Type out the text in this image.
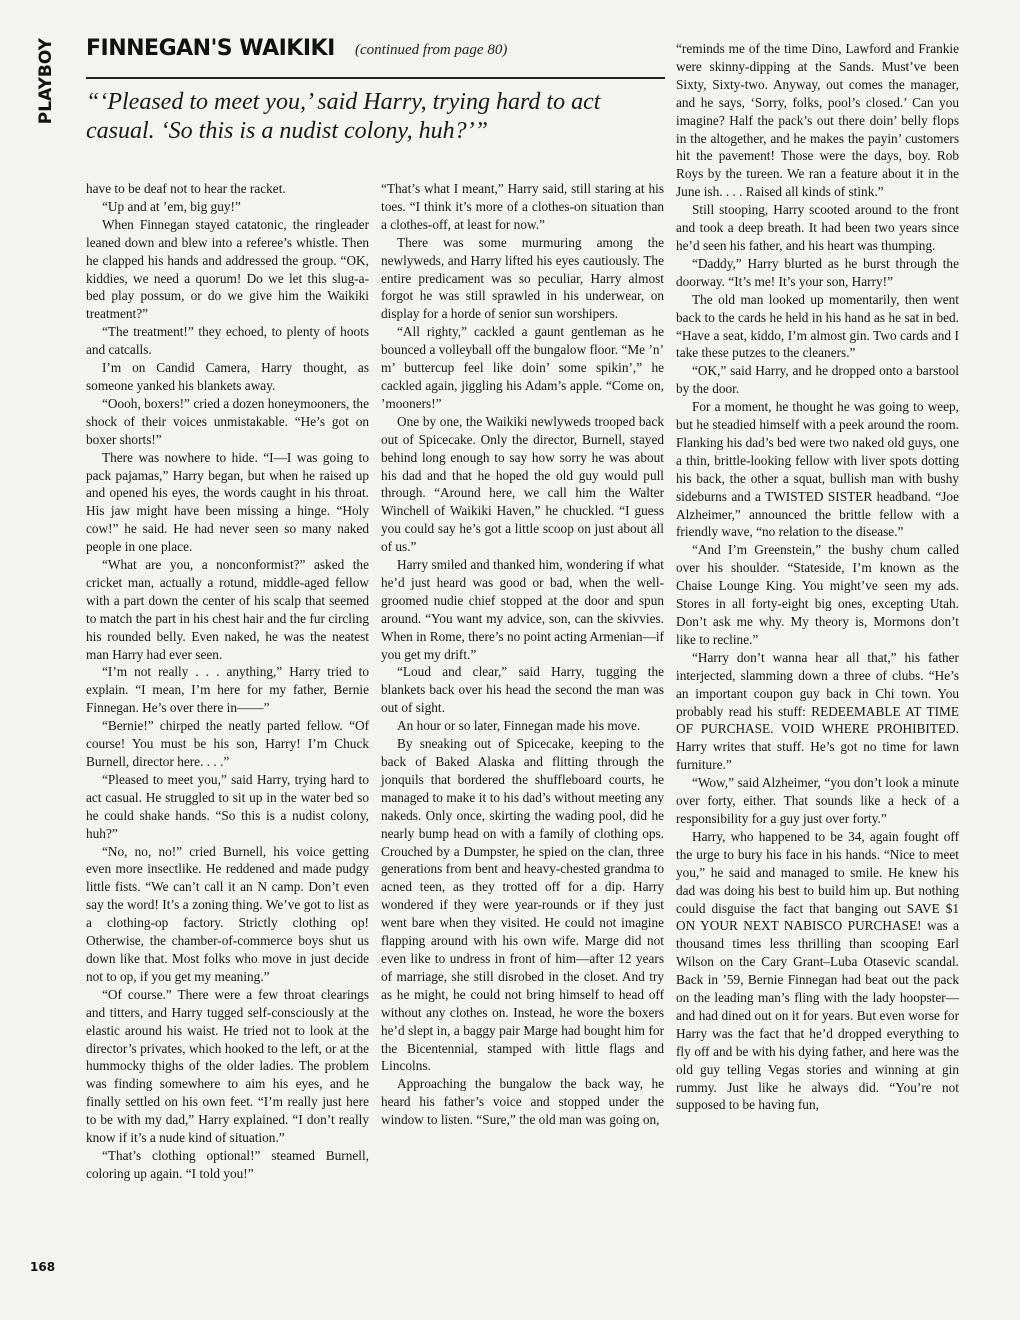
PLAYBOY FINNEGAN'S WAIKIKI (continued from page 80)
“‘Pleased to meet you,’ said Harry, trying hard to act casual. ‘So this is a nudist colony, huh?’”

have to be deaf not to hear the racket.

“Up and at ’em, big guy!”

When Finnegan stayed catatonic, the ringleader leaned down and blew into a referee’s whistle. Then he clapped his hands and addressed the group. “OK, kiddies, we need a quorum! Do we let this slug-a-bed play possum, or do we give him the Waikiki treatment?”

“The treatment!” they echoed, to plenty of hoots and catcalls.

I’m on Candid Camera, Harry thought, as someone yanked his blankets away.

“Oooh, boxers!” cried a dozen honeymooners, the shock of their voices unmistakable. “He’s got on boxer shorts!”

There was nowhere to hide. “I—I was going to pack pajamas,” Harry began, but when he raised up and opened his eyes, the words caught in his throat. His jaw might have been missing a hinge. “Holy cow!” he said. He had never seen so many naked people in one place.

“What are you, a nonconformist?” asked the cricket man, actually a rotund, middle-aged fellow with a part down the center of his scalp that seemed to match the part in his chest hair and the fur circling his rounded belly. Even naked, he was the neatest man Harry had ever seen.

“I’m not really . . . anything,” Harry tried to explain. “I mean, I’m here for my father, Bernie Finnegan. He’s over there in——”

“Bernie!” chirped the neatly parted fellow. “Of course! You must be his son, Harry! I’m Chuck Burnell, director here. . . .”

“Pleased to meet you,” said Harry, trying hard to act casual. He struggled to sit up in the water bed so he could shake hands. “So this is a nudist colony, huh?”

“No, no, no!” cried Burnell, his voice getting even more insectlike. He reddened and made pudgy little fists. “We can’t call it an N camp. Don’t even say the word! It’s a zoning thing. We’ve got to list as a clothing-op factory. Strictly clothing op! Otherwise, the chamber-of-commerce boys shut us down like that. Most folks who move in just decide not to op, if you get my meaning.”

“Of course.” There were a few throat clearings and titters, and Harry tugged self-consciously at the elastic around his waist. He tried not to look at the director’s privates, which hooked to the left, or at the hummocky thighs of the older ladies. The problem was finding somewhere to aim his eyes, and he finally settled on his own feet. “I’m really just here to be with my dad,” Harry explained. “I don’t really know if it’s a nude kind of situation.”

“That’s clothing optional!” steamed Burnell, coloring up again. “I told you!”

“That’s what I meant,” Harry said, still staring at his toes. “I think it’s more of a clothes-on situation than a clothes-off, at least for now.”

There was some murmuring among the newlyweds, and Harry lifted his eyes cautiously. The entire predicament was so peculiar, Harry almost forgot he was still sprawled in his underwear, on display for a horde of senior sun worshipers.

“All righty,” cackled a gaunt gentleman as he bounced a volleyball off the bungalow floor. “Me ’n’ m’ buttercup feel like doin’ some spikin’,” he cackled again, jiggling his Adam’s apple. “Come on, ’mooners!”

One by one, the Waikiki newlyweds trooped back out of Spicecake. Only the director, Burnell, stayed behind long enough to say how sorry he was about his dad and that he hoped the old guy would pull through. “Around here, we call him the Walter Winchell of Waikiki Haven,” he chuckled. “I guess you could say he’s got a little scoop on just about all of us.”

Harry smiled and thanked him, wondering if what he’d just heard was good or bad, when the well-groomed nudie chief stopped at the door and spun around. “You want my advice, son, can the skivvies. When in Rome, there’s no point acting Armenian—if you get my drift.”

“Loud and clear,” said Harry, tugging the blankets back over his head the second the man was out of sight.

An hour or so later, Finnegan made his move.

By sneaking out of Spicecake, keeping to the back of Baked Alaska and flitting through the jonquils that bordered the shuffleboard courts, he managed to make it to his dad’s without meeting any nakeds. Only once, skirting the wading pool, did he nearly bump head on with a family of clothing ops. Crouched by a Dumpster, he spied on the clan, three generations from bent and heavy-chested grandma to acned teen, as they trotted off for a dip. Harry wondered if they were year-rounds or if they just went bare when they visited. He could not imagine flapping around with his own wife. Marge did not even like to undress in front of him—after 12 years of marriage, she still disrobed in the closet. And try as he might, he could not bring himself to head off without any clothes on. Instead, he wore the boxers he’d slept in, a baggy pair Marge had bought him for the Bicentennial, stamped with little flags and Lincolns.

Approaching the bungalow the back way, he heard his father’s voice and stopped under the window to listen. “Sure,” the old man was going on,

“reminds me of the time Dino, Lawford and Frankie were skinny-dipping at the Sands. Must’ve been Sixty, Sixty-two. Anyway, out comes the manager, and he says, ‘Sorry, folks, pool’s closed.’ Can you imagine? Half the pack’s out there doin’ belly flops in the altogether, and he makes the payin’ customers hit the pavement! Those were the days, boy. Rob Roys by the tureen. We ran a feature about it in the June ish. . . . Raised all kinds of stink.”

Still stooping, Harry scooted around to the front and took a deep breath. It had been two years since he’d seen his father, and his heart was thumping.

“Daddy,” Harry blurted as he burst through the doorway. “It’s me! It’s your son, Harry!”

The old man looked up momentarily, then went back to the cards he held in his hand as he sat in bed. “Have a seat, kiddo, I’m almost gin. Two cards and I take these putzes to the cleaners.”

“OK,” said Harry, and he dropped onto a barstool by the door.

For a moment, he thought he was going to weep, but he steadied himself with a peek around the room. Flanking his dad’s bed were two naked old guys, one a thin, brittle-looking fellow with liver spots dotting his back, the other a squat, bullish man with bushy sideburns and a TWISTED SISTER headband. “Joe Alzheimer,” announced the brittle fellow with a friendly wave, “no relation to the disease.”

“And I’m Greenstein,” the bushy chum called over his shoulder. “Stateside, I’m known as the Chaise Lounge King. You might’ve seen my ads. Stores in all forty-eight big ones, excepting Utah. Don’t ask me why. My theory is, Mormons don’t like to recline.”

“Harry don’t wanna hear all that,” his father interjected, slamming down a three of clubs. “He’s an important coupon guy back in Chi town. You probably read his stuff: REDEEMABLE AT TIME OF PURCHASE. VOID WHERE PROHIBITED. Harry writes that stuff. He’s got no time for lawn furniture.”

“Wow,” said Alzheimer, “you don’t look a minute over forty, either. That sounds like a heck of a responsibility for a guy just over forty.”

Harry, who happened to be 34, again fought off the urge to bury his face in his hands. “Nice to meet you,” he said and managed to smile. He knew his dad was doing his best to build him up. But nothing could disguise the fact that banging out SAVE $1 ON YOUR NEXT NABISCO PURCHASE! was a thousand times less thrilling than scooping Earl Wilson on the Cary Grant–Luba Otasevic scandal. Back in ’59, Bernie Finnegan had beat out the pack on the leading man’s fling with the lady hoopster—and had dined out on it for years. But even worse for Harry was the fact that he’d dropped everything to fly off and be with his dying father, and here was the old guy telling Vegas stories and winning at gin rummy. Just like he always did. “You’re not supposed to be having fun,

168
